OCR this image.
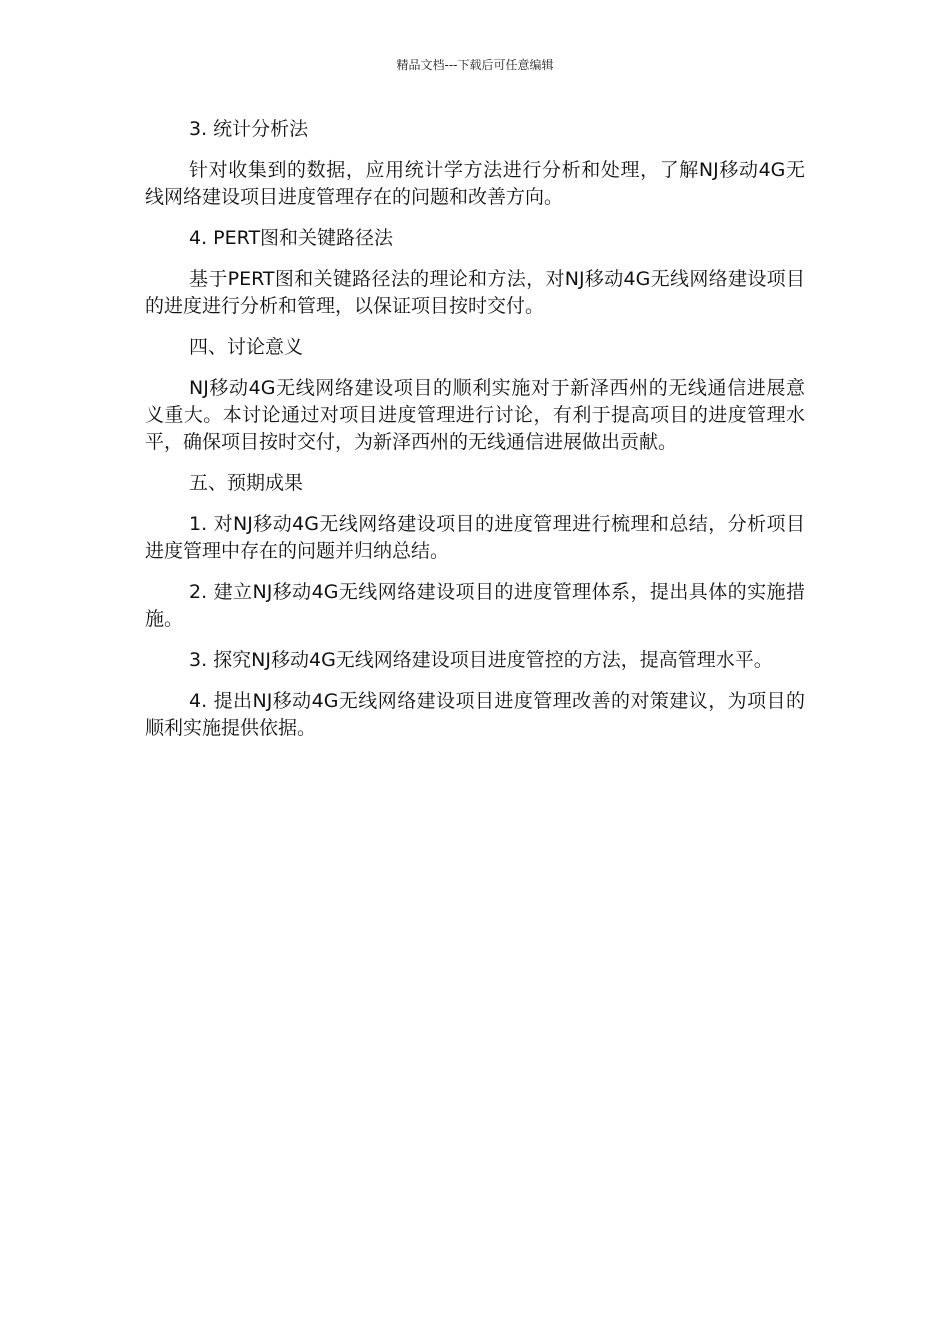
精品文档---下载后可任意编辑

3. 统计分析法

针对收集到的数据，应用统计学方法进行分析和处理，了解NJ移动4G无线网络建设项目进度管理存在的问题和改善方向。

4. PERT图和关键路径法

基于PERT图和关键路径法的理论和方法，对NJ移动4G无线网络建设项目的进度进行分析和管理，以保证项目按时交付。

四、讨论意义

NJ移动4G无线网络建设项目的顺利实施对于新泽西州的无线通信进展意义重大。本讨论通过对项目进度管理进行讨论，有利于提高项目的进度管理水平，确保项目按时交付，为新泽西州的无线通信进展做出贡献。

五、预期成果

1. 对NJ移动4G无线网络建设项目的进度管理进行梳理和总结，分析项目进度管理中存在的问题并归纳总结。

2. 建立NJ移动4G无线网络建设项目的进度管理体系，提出具体的实施措施。

3. 探究NJ移动4G无线网络建设项目进度管控的方法，提高管理水平。

4. 提出NJ移动4G无线网络建设项目进度管理改善的对策建议，为项目的顺利实施提供依据。
